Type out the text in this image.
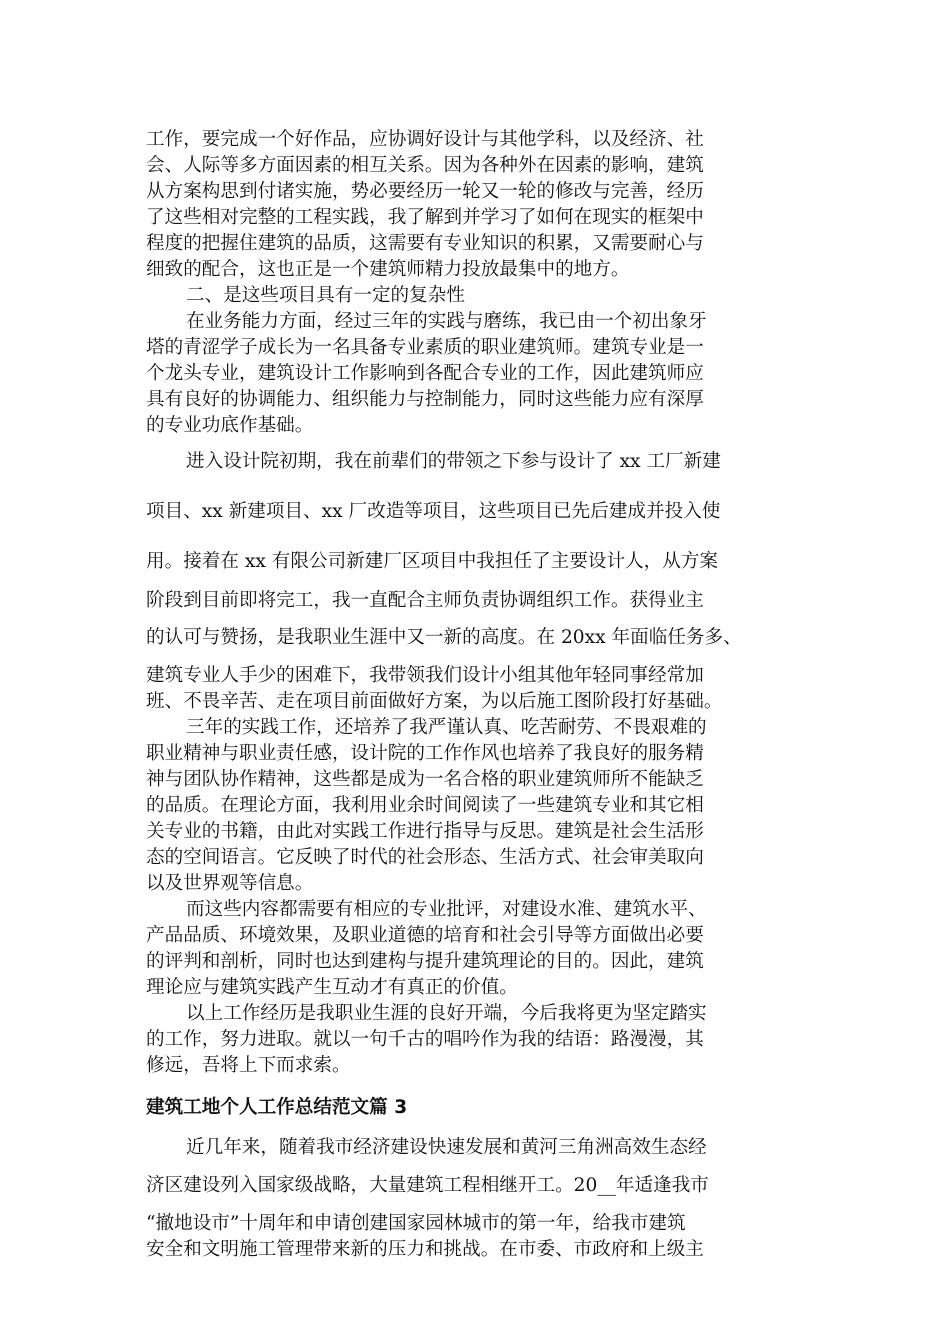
工作，要完成一个好作品，应协调好设计与其他学科，以及经济、社

会、人际等多方面因素的相互关系。因为各种外在因素的影响，建筑

从方案构思到付诸实施，势必要经历一轮又一轮的修改与完善，经历

了这些相对完整的工程实践，我了解到并学习了如何在现实的框架中

程度的把握住建筑的品质，这需要有专业知识的积累，又需要耐心与

细致的配合，这也正是一个建筑师精力投放最集中的地方。

二、是这些项目具有一定的复杂性

在业务能力方面，经过三年的实践与磨练，我已由一个初出象牙

塔的青涩学子成长为一名具备专业素质的职业建筑师。建筑专业是一

个龙头专业，建筑设计工作影响到各配合专业的工作，因此建筑师应

具有良好的协调能力、组织能力与控制能力，同时这些能力应有深厚

的专业功底作基础。

进入设计院初期，我在前辈们的带领之下参与设计了 xx 工厂新建

项目、xx 新建项目、xx 厂改造等项目，这些项目已先后建成并投入使

用。接着在 xx 有限公司新建厂区项目中我担任了主要设计人，从方案

阶段到目前即将完工，我一直配合主师负责协调组织工作。获得业主

的认可与赞扬，是我职业生涯中又一新的高度。在 20xx 年面临任务多、

建筑专业人手少的困难下，我带领我们设计小组其他年轻同事经常加

班、不畏辛苦、走在项目前面做好方案，为以后施工图阶段打好基础。

三年的实践工作，还培养了我严谨认真、吃苦耐劳、不畏艰难的

职业精神与职业责任感，设计院的工作作风也培养了我良好的服务精

神与团队协作精神，这些都是成为一名合格的职业建筑师所不能缺乏

的品质。在理论方面，我利用业余时间阅读了一些建筑专业和其它相

关专业的书籍，由此对实践工作进行指导与反思。建筑是社会生活形

态的空间语言。它反映了时代的社会形态、生活方式、社会审美取向

以及世界观等信息。

而这些内容都需要有相应的专业批评，对建设水准、建筑水平、

产品品质、环境效果，及职业道德的培育和社会引导等方面做出必要

的评判和剖析，同时也达到建构与提升建筑理论的目的。因此，建筑

理论应与建筑实践产生互动才有真正的价值。

以上工作经历是我职业生涯的良好开端，今后我将更为坚定踏实

的工作，努力进取。就以一句千古的唱吟作为我的结语：路漫漫，其

修远，吾将上下而求索。

建筑工地个人工作总结范文篇 3

近几年来，随着我市经济建设快速发展和黄河三角洲高效生态经

济区建设列入国家级战略，大量建筑工程相继开工。20__年适逢我市

“撤地设市”十周年和申请创建国家园林城市的第一年，给我市建筑

安全和文明施工管理带来新的压力和挑战。在市委、市政府和上级主
